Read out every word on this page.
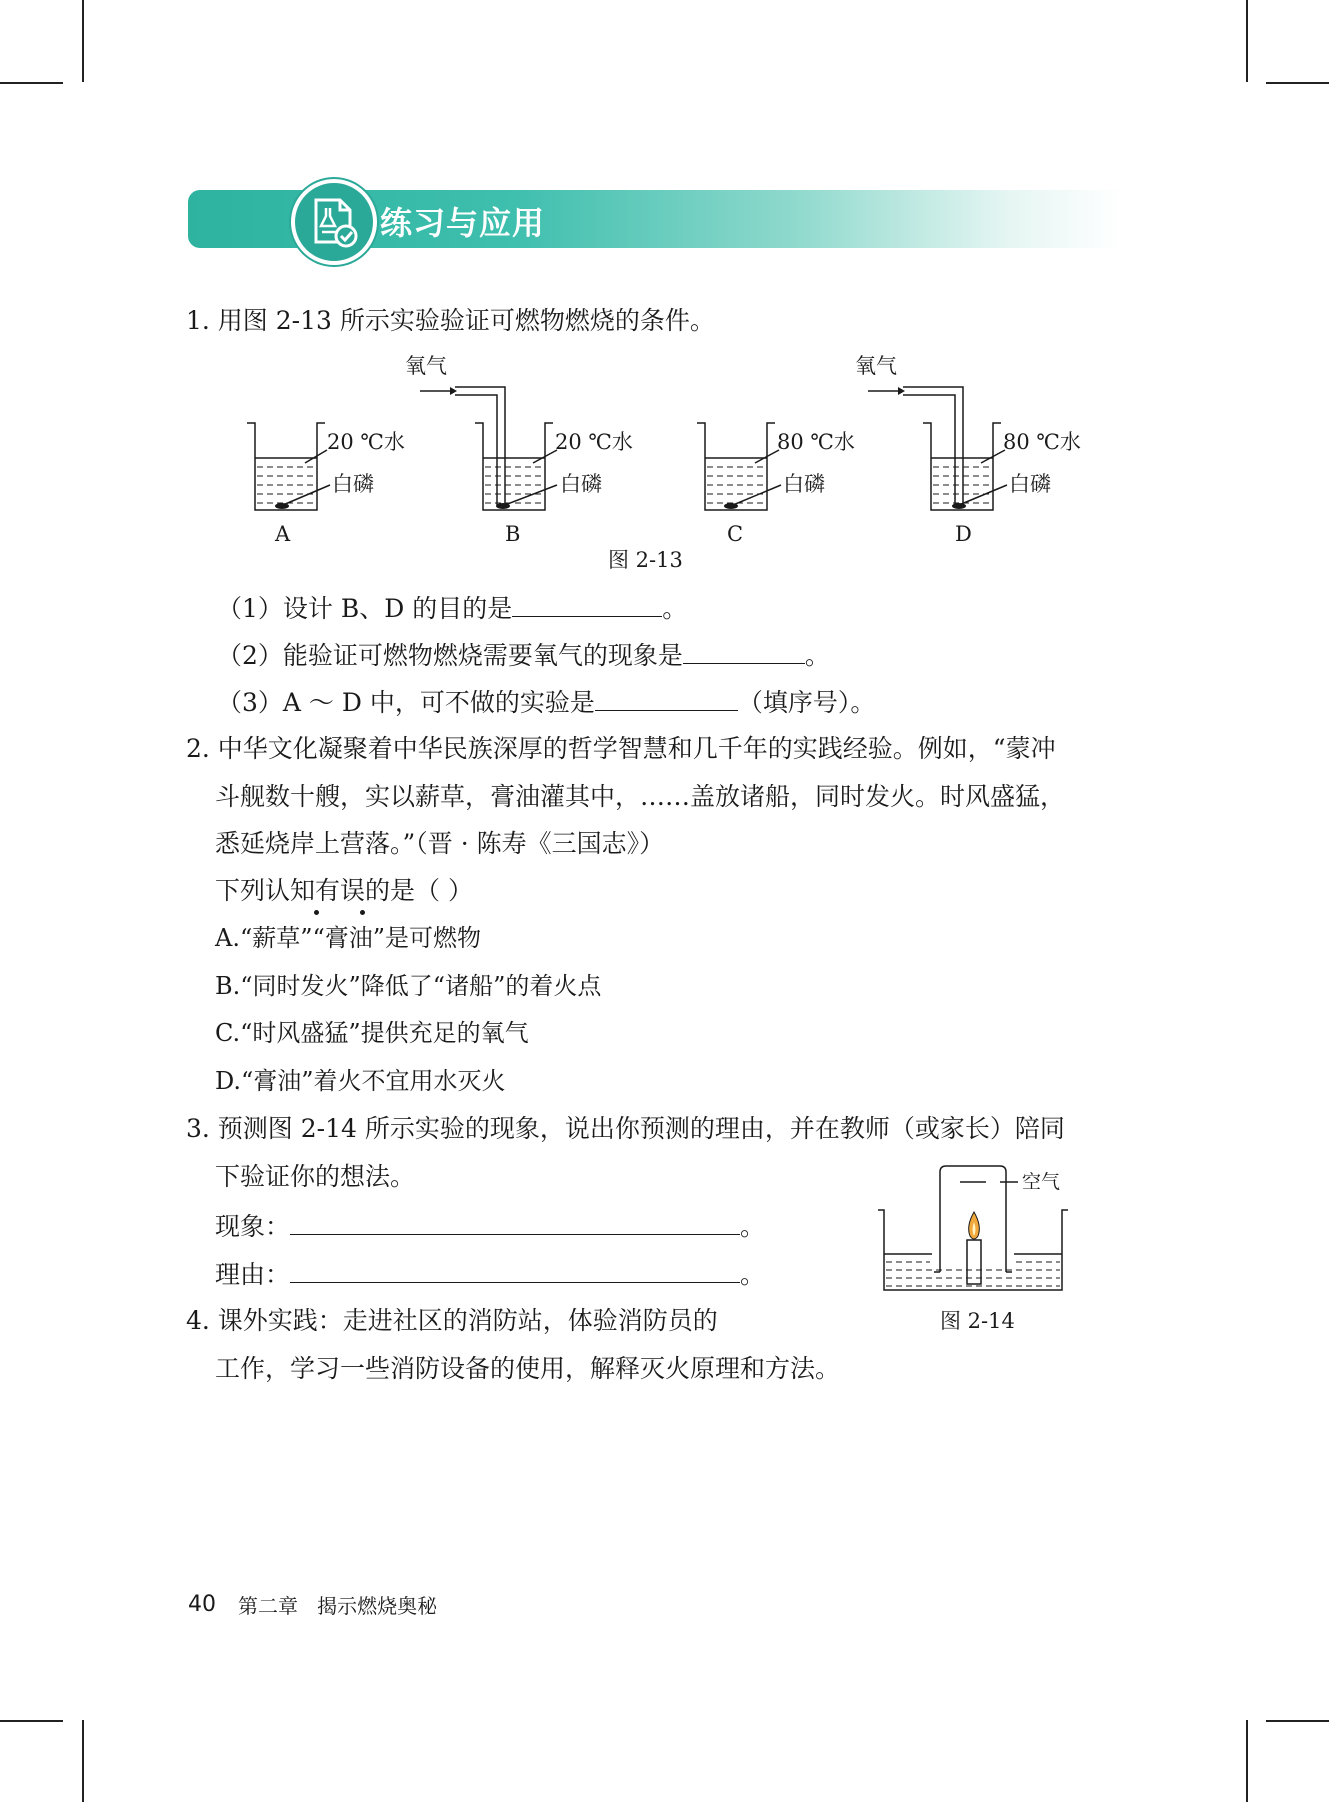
练习与应用
1. 用图 2-13 所示实验验证可燃物燃烧的条件。
氧气	氧气
20 ℃水
白磷
A
20 ℃水
白磷
B
80 ℃水
白磷
C
80 ℃水
白磷
D
图 2-13
（1）设计 B、D 的目的是	。
（2）能验证可燃物燃烧需要氧气的现象是	。
（3）A ～ D 中，可不做的实验是	（填序号）。
2. 中华文化凝聚着中华民族深厚的哲学智慧和几千年的实践经验。例如，“蒙冲
斗舰数十艘，实以薪草，膏油灌其中，……盖放诸船，同时发火。时风盛猛，
悉延烧岸上营落。”（晋 · 陈寿《三国志》）
下列认知有误的是（ ）
A.“薪草”“膏油”是可燃物
B.“同时发火”降低了“诸船”的着火点
C.“时风盛猛”提供充足的氧气
D.“膏油”着火不宜用水灭火
3. 预测图 2-14 所示实验的现象，说出你预测的理由，并在教师（或家长）陪同
下验证你的想法。
现象：	。
理由：	。
空气
图 2-14
4. 课外实践：走进社区的消防站，体验消防员的
工作，学习一些消防设备的使用，解释灭火原理和方法。
40 第二章   揭示燃烧奥秘
